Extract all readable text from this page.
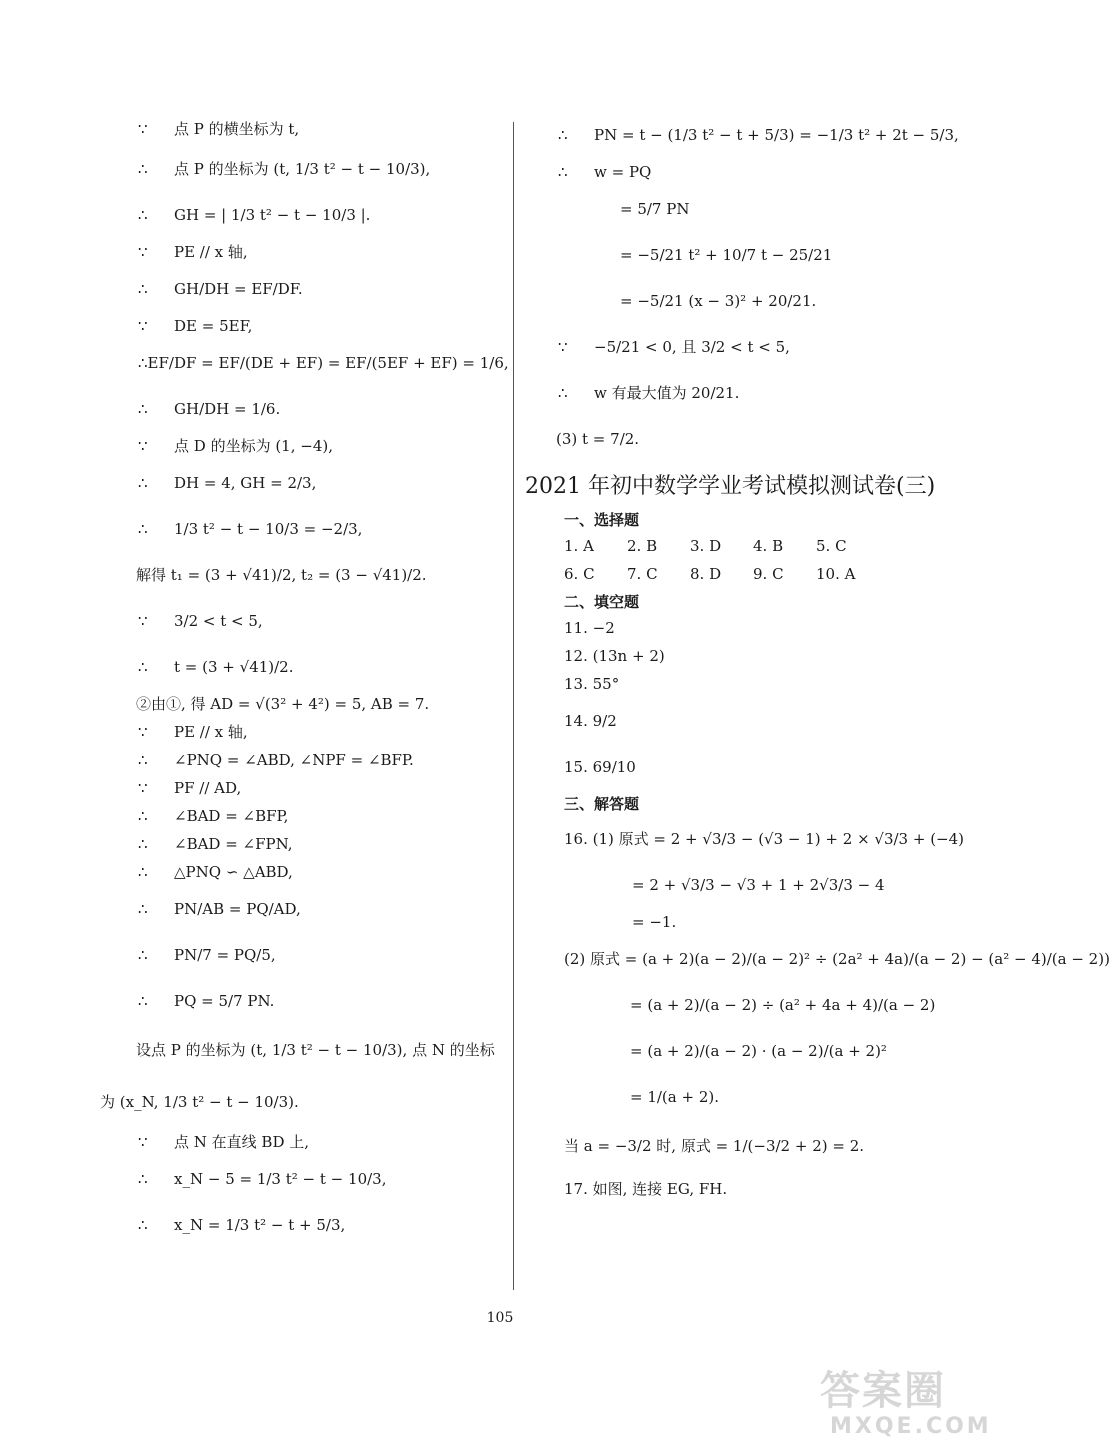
∵	点 P 的横坐标为 t,
∴	点 P 的坐标为 (t, 1/3 t² − t − 10/3),
∴	GH = | 1/3 t² − t − 10/3 |.
∵	PE // x 轴,
∴	GH/DH = EF/DF.
∵	DE = 5EF,
∴ EF/DF = EF/(DE + EF) = EF/(5EF + EF) = 1/6,
∴	GH/DH = 1/6.
∵	点 D 的坐标为 (1, −4),
∴	DH = 4, GH = 2/3,
∴	1/3 t² − t − 10/3 = −2/3,
解得 t₁ = (3 + √41)/2, t₂ = (3 − √41)/2.
∵	3/2 < t < 5,
∴	t = (3 + √41)/2.
②由①, 得 AD = √(3² + 4²) = 5, AB = 7.
∵	PE // x 轴,
∴	∠PNQ = ∠ABD, ∠NPF = ∠BFP.
∵	PF // AD,
∴	∠BAD = ∠BFP,
∴	∠BAD = ∠FPN,
∴	△PNQ ∽ △ABD,
∴	PN/AB = PQ/AD,
∴	PN/7 = PQ/5,
∴	PQ = 5/7 PN.
设点 P 的坐标为 (t, 1/3 t² − t − 10/3), 点 N 的坐标
为 (x_N, 1/3 t² − t − 10/3).
∵	点 N 在直线 BD 上,
∴	x_N − 5 = 1/3 t² − t − 10/3,
∴	x_N = 1/3 t² − t + 5/3,
∴	PN = t − (1/3 t² − t + 5/3) = −1/3 t² + 2t − 5/3,
∴	w = PQ
= 5/7 PN
= −5/21 t² + 10/7 t − 25/21
= −5/21 (x − 3)² + 20/21.
∵	−5/21 < 0, 且 3/2 < t < 5,
∴	w 有最大值为 20/21.
(3) t = 7/2.
2021 年初中数学学业考试模拟测试卷(三)
一、选择题
1. A	2. B	3. D	4. B	5. C
6. C	7. C	8. D	9. C	10. A
二、填空题
11. −2
12. (13n + 2)
13. 55°
14. 9/2
15. 69/10
三、解答题
16. (1) 原式 = 2 + √3/3 − (√3 − 1) + 2 × √3/3 + (−4)
= 2 + √3/3 − √3 + 1 + 2√3/3 − 4
= −1.
(2) 原式 = (a + 2)(a − 2)/(a − 2)² ÷ (2a² + 4a)/(a − 2) − (a² − 4)/(a − 2))
= (a + 2)/(a − 2) ÷ (a² + 4a + 4)/(a − 2)
= (a + 2)/(a − 2) · (a − 2)/(a + 2)²
= 1/(a + 2).
当 a = −3/2 时, 原式 = 1/(−3/2 + 2) = 2.
17. 如图, 连接 EG, FH.
105
答案圈
MXQE.COM
